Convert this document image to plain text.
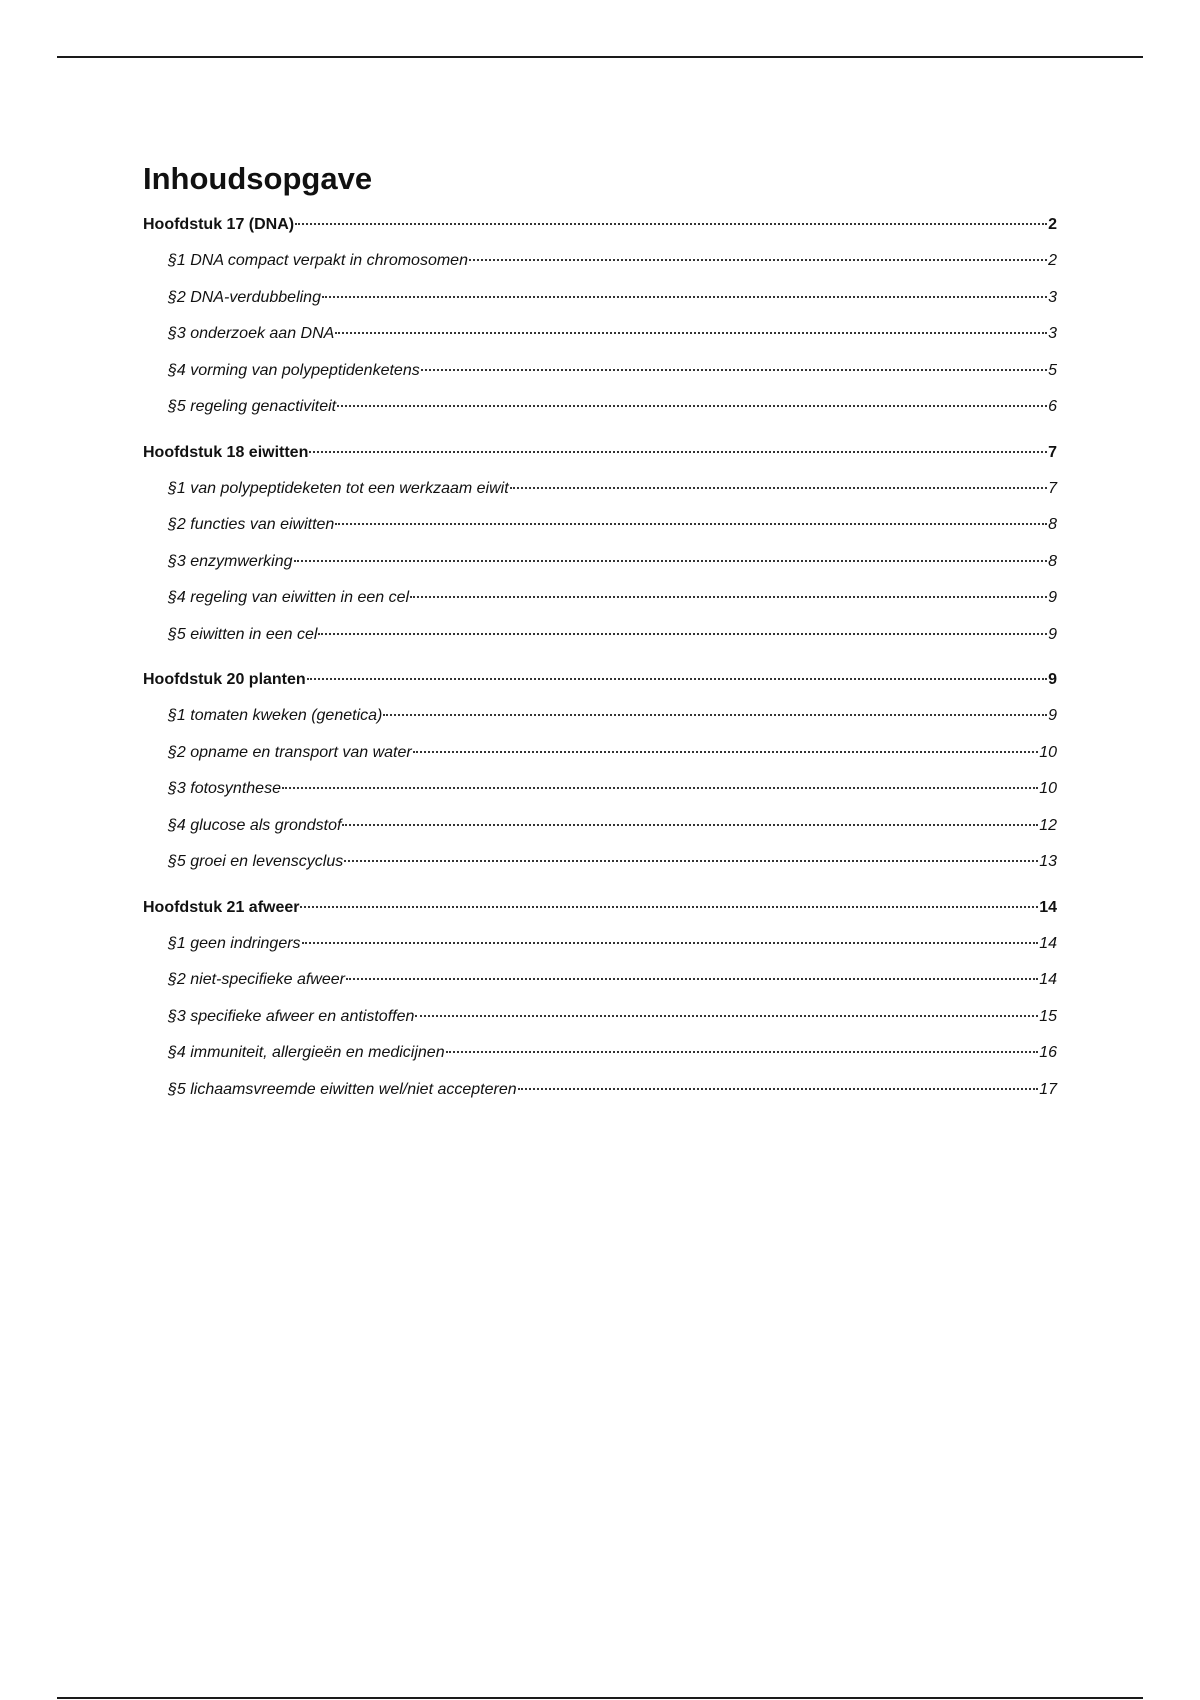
Inhoudsopgave
Hoofdstuk 17 (DNA)	2
§1 DNA compact verpakt in chromosomen	2
§2 DNA-verdubbeling	3
§3 onderzoek aan DNA	3
§4 vorming van polypeptidenketens	5
§5 regeling genactiviteit	6
Hoofdstuk 18 eiwitten	7
§1 van polypeptideketen tot een werkzaam eiwit	7
§2 functies van eiwitten	8
§3 enzymwerking	8
§4 regeling van eiwitten in een cel	9
§5 eiwitten in een cel	9
Hoofdstuk 20 planten	9
§1 tomaten kweken (genetica)	9
§2 opname en transport van water	10
§3 fotosynthese	10
§4 glucose als grondstof	12
§5 groei en levenscyclus	13
Hoofdstuk 21 afweer	14
§1 geen indringers	14
§2 niet-specifieke afweer	14
§3 specifieke afweer en antistoffen	15
§4 immuniteit, allergieën en medicijnen	16
§5 lichaamsvreemde eiwitten wel/niet accepteren	17
